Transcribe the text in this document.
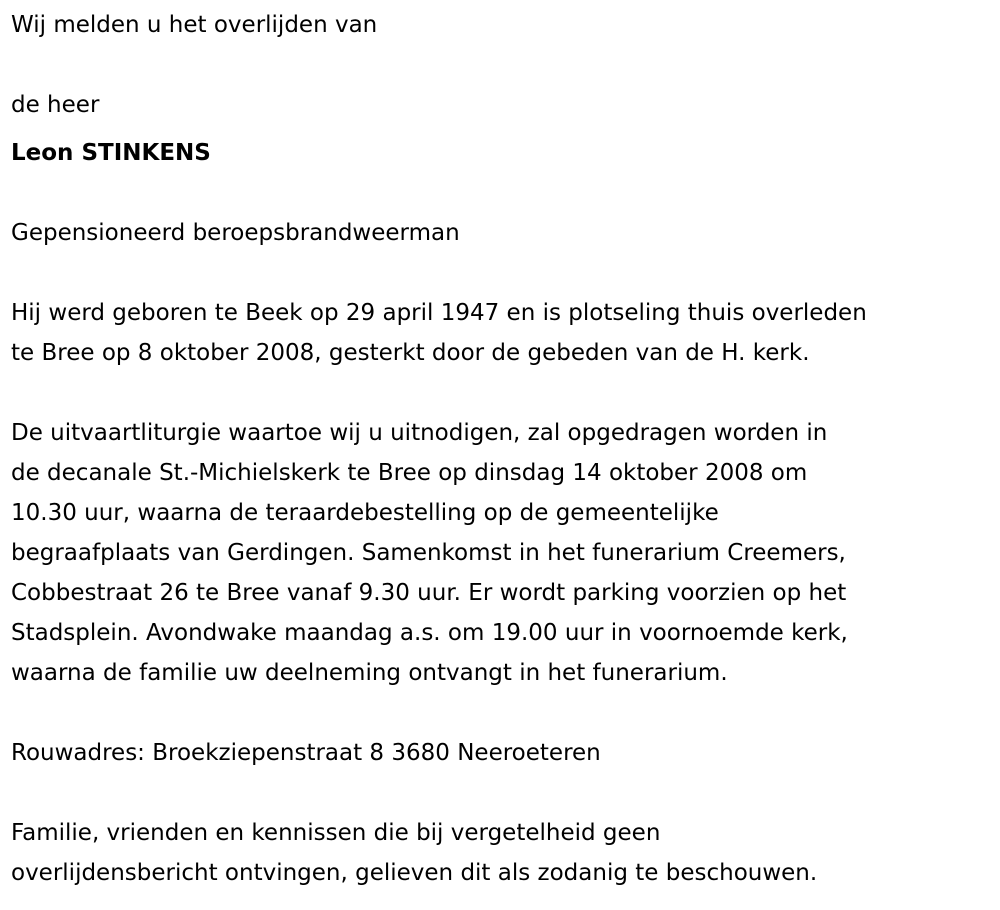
Wij melden u het overlijden van
de heer
Leon STINKENS
Gepensioneerd beroepsbrandweerman
Hij werd geboren te Beek op 29 april 1947 en is plotseling thuis overleden
te Bree op 8 oktober 2008, gesterkt door de gebeden van de H. kerk.
De uitvaartliturgie waartoe wij u uitnodigen, zal opgedragen worden in
de decanale St.-Michielskerk te Bree op dinsdag 14 oktober 2008 om
10.30 uur, waarna de teraardebestelling op de gemeentelijke
begraafplaats van Gerdingen. Samenkomst in het funerarium Creemers,
Cobbestraat 26 te Bree vanaf 9.30 uur. Er wordt parking voorzien op het
Stadsplein. Avondwake maandag a.s. om 19.00 uur in voornoemde kerk,
waarna de familie uw deelneming ontvangt in het funerarium.
Rouwadres: Broekziepenstraat 8 3680 Neeroeteren
Familie, vrienden en kennissen die bij vergetelheid geen
overlijdensbericht ontvingen, gelieven dit als zodanig te beschouwen.
